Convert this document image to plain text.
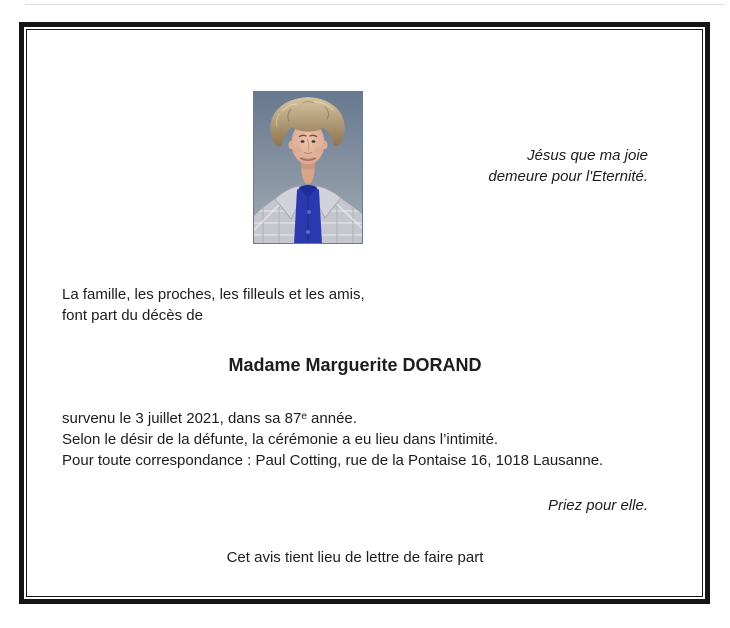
Jésus que ma joie
demeure pour l'Eternité.
La famille, les proches, les filleuls et les amis,
font part du décès de
Madame Marguerite DORAND
survenu le 3 juillet 2021, dans sa 87e année.
Selon le désir de la défunte, la cérémonie a eu lieu dans l’intimité.
Pour toute correspondance : Paul Cotting, rue de la Pontaise 16, 1018 Lausanne.
Priez pour elle.
Cet avis tient lieu de lettre de faire part
